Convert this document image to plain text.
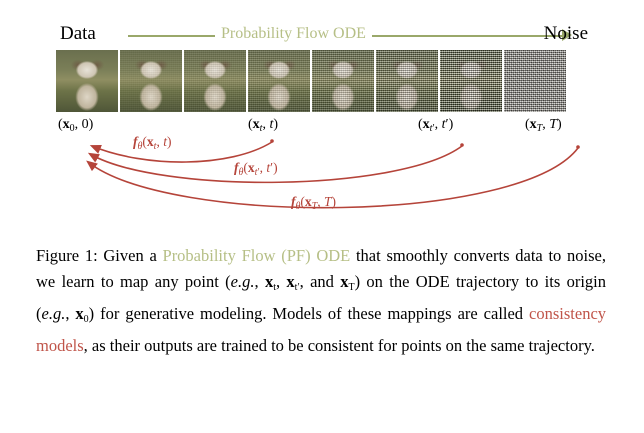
Data	Probability Flow ODE	Noise
($x_0$, 0)	($x_t$, t)	($x_{t'}$, t′)	($x_T$, T)
$f_\theta(x_t$, t)
$f_\theta(x_{t'}$, t′)
$f_\theta(x_T$, T)
Figure 1: Given a Probability Flow (PF) ODE that smoothly converts data to noise, we learn to map any point (e.g., $x_t$, $x_{t'}$, and $x_T$) on the ODE trajectory to its origin (e.g., $x_0$) for generative modeling. Models of these mappings are called consistency models, as their outputs are trained to be consistent for points on the same trajectory.
